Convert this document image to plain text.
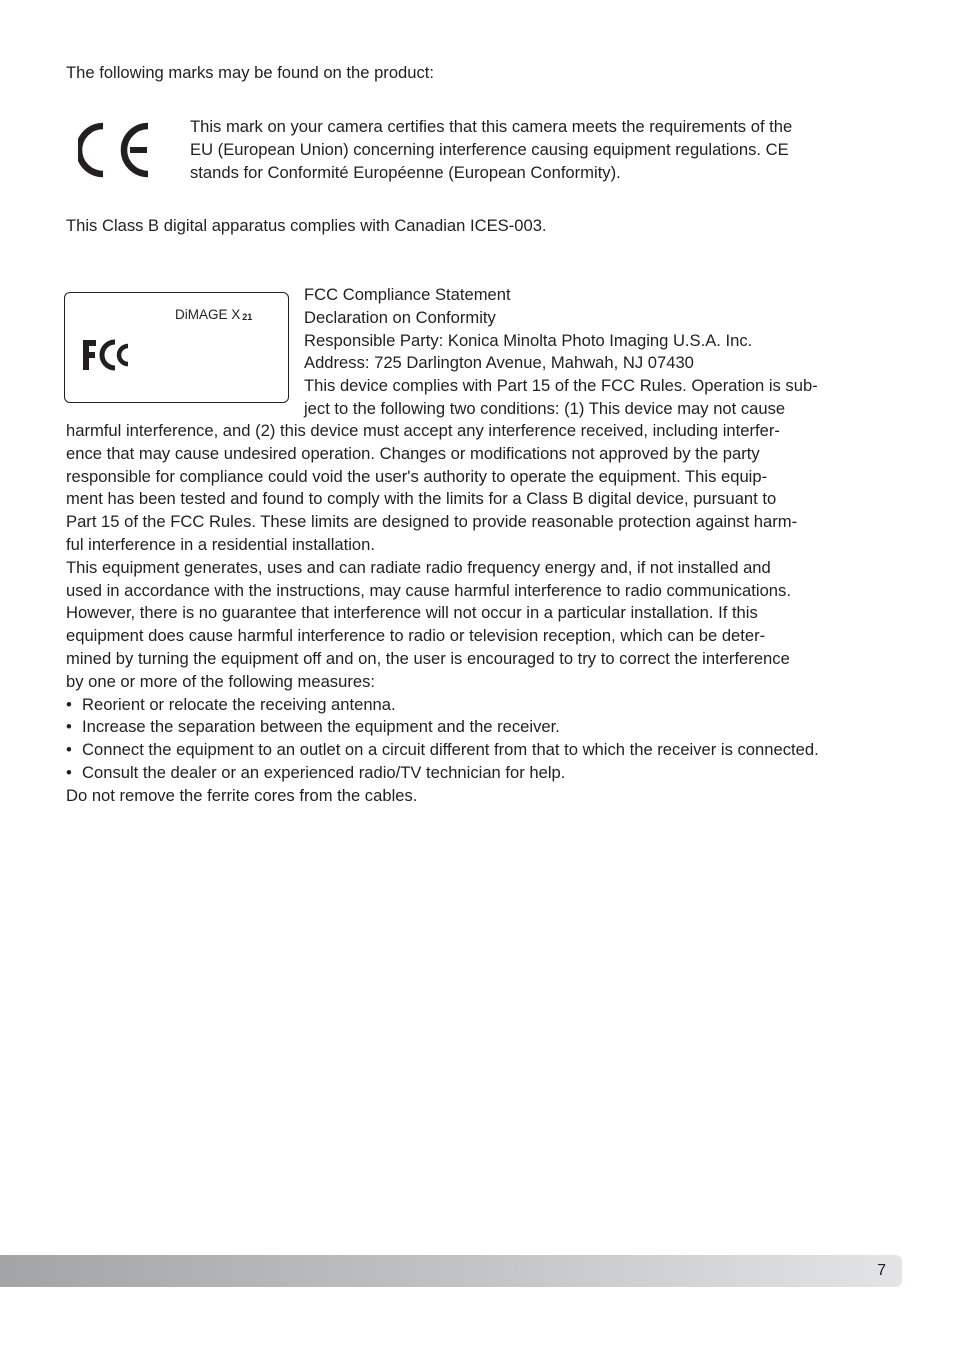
The following marks may be found on the product:

This mark on your camera certifies that this camera meets the requirements of the

EU (European Union) concerning interference causing equipment regulations. CE

stands for Conformité Européenne (European Conformity).

This Class B digital apparatus complies with Canadian ICES-003.

DiMAGE X 21

FCC Compliance Statement

Declaration on Conformity

Responsible Party: Konica Minolta Photo Imaging U.S.A. Inc.

Address: 725 Darlington Avenue, Mahwah, NJ 07430

This device complies with Part 15 of the FCC Rules. Operation is sub-

ject to the following two conditions: (1) This device may not cause

harmful interference, and (2) this device must accept any interference received, including interfer-

ence that may cause undesired operation. Changes or modifications not approved by the party

responsible for compliance could void the user's authority to operate the equipment. This equip-

ment has been tested and found to comply with the limits for a Class B digital device, pursuant to

Part 15 of the FCC Rules. These limits are designed to provide reasonable protection against harm-

ful interference in a residential installation.

This equipment generates, uses and can radiate radio frequency energy and, if not installed and

used in accordance with the instructions, may cause harmful interference to radio communications.

However, there is no guarantee that interference will not occur in a particular installation. If this

equipment does cause harmful interference to radio or television reception, which can be deter-

mined by turning the equipment off and on, the user is encouraged to try to correct the interference

by one or more of the following measures:

• Reorient or relocate the receiving antenna.
• Increase the separation between the equipment and the receiver.
• Connect the equipment to an outlet on a circuit different from that to which the receiver is connected.
• Consult the dealer or an experienced radio/TV technician for help.

Do not remove the ferrite cores from the cables.

7
